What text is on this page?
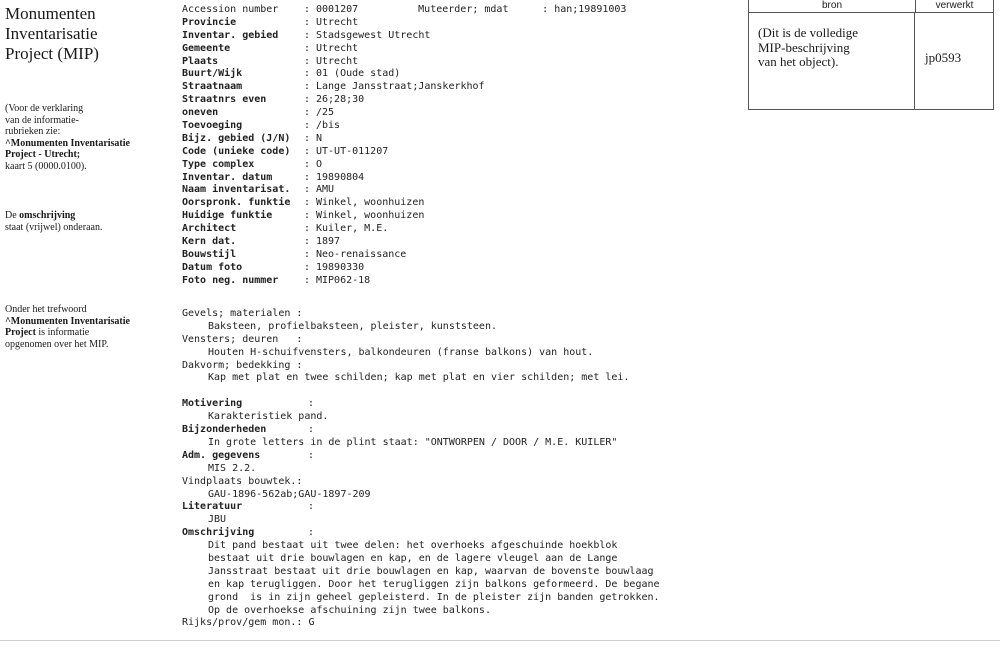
Monumenten
Inventarisatie
Project (MIP)
(Voor de verklaring
van de informatie-
rubrieken zie:
^Monumenten Inventarisatie
Project - Utrecht;
kaart 5 (0000.0100).
De omschrijving
staat (vrijwel) onderaan.
Onder het trefwoord
^Monumenten Inventarisatie
Project is informatie
opgenomen over het MIP.
Accession number	: 0001207	Muteerder; mdat	: han;19891003
Provincie	: Utrecht
Inventar. gebied	: Stadsgewest Utrecht
Gemeente	: Utrecht
Plaats	: Utrecht
Buurt/Wijk	: 01 (Oude stad)
Straatnaam	: Lange Jansstraat;Janskerkhof
Straatnrs even	: 26;28;30
oneven	: /25
Toevoeging	: /bis
Bijz. gebied (J/N) : N
Code (unieke code) : UT-UT-011207
Type complex	: O
Inventar. datum	: 19890804
Naam inventarisat. : AMU
Oorspronk. funktie : Winkel, woonhuizen
Huidige funktie	: Winkel, woonhuizen
Architect	: Kuiler, M.E.
Kern dat.	: 1897
Bouwstijl	: Neo-renaissance
Datum foto	: 19890330
Foto neg. nummer	: MIP062-18
Gevels; materialen :
Baksteen, profielbaksteen, pleister, kunststeen.
Vensters; deuren   :
Houten H-schuifvensters, balkondeuren (franse balkons) van hout.
Dakvorm; bedekking :
Kap met plat en twee schilden; kap met plat en vier schilden; met lei.
Motivering	:
Karakteristiek pand.
Bijzonderheden	:
In grote letters in de plint staat: "ONTWORPEN / DOOR / M.E. KUILER"
Adm. gegevens	:
MIS 2.2.
Vindplaats bouwtek.:
GAU-1896-562ab;GAU-1897-209
Literatuur	:
JBU
Omschrijving	:
Dit pand bestaat uit twee delen: het overhoeks afgeschuinde hoekblok
bestaat uit drie bouwlagen en kap, en de lagere vleugel aan de Lange
Jansstraat bestaat uit drie bouwlagen en kap, waarvan de bovenste bouwlaag
en kap terugliggen. Door het terugliggen zijn balkons geformeerd. De begane
grond  is in zijn geheel gepleisterd. In de pleister zijn banden getrokken.
Op de overhoekse afschuining zijn twee balkons.
Rijks/prov/gem mon.: G
bron	verwerkt
(Dit is de volledige
MIP-beschrijving
van het object).	jp0593
